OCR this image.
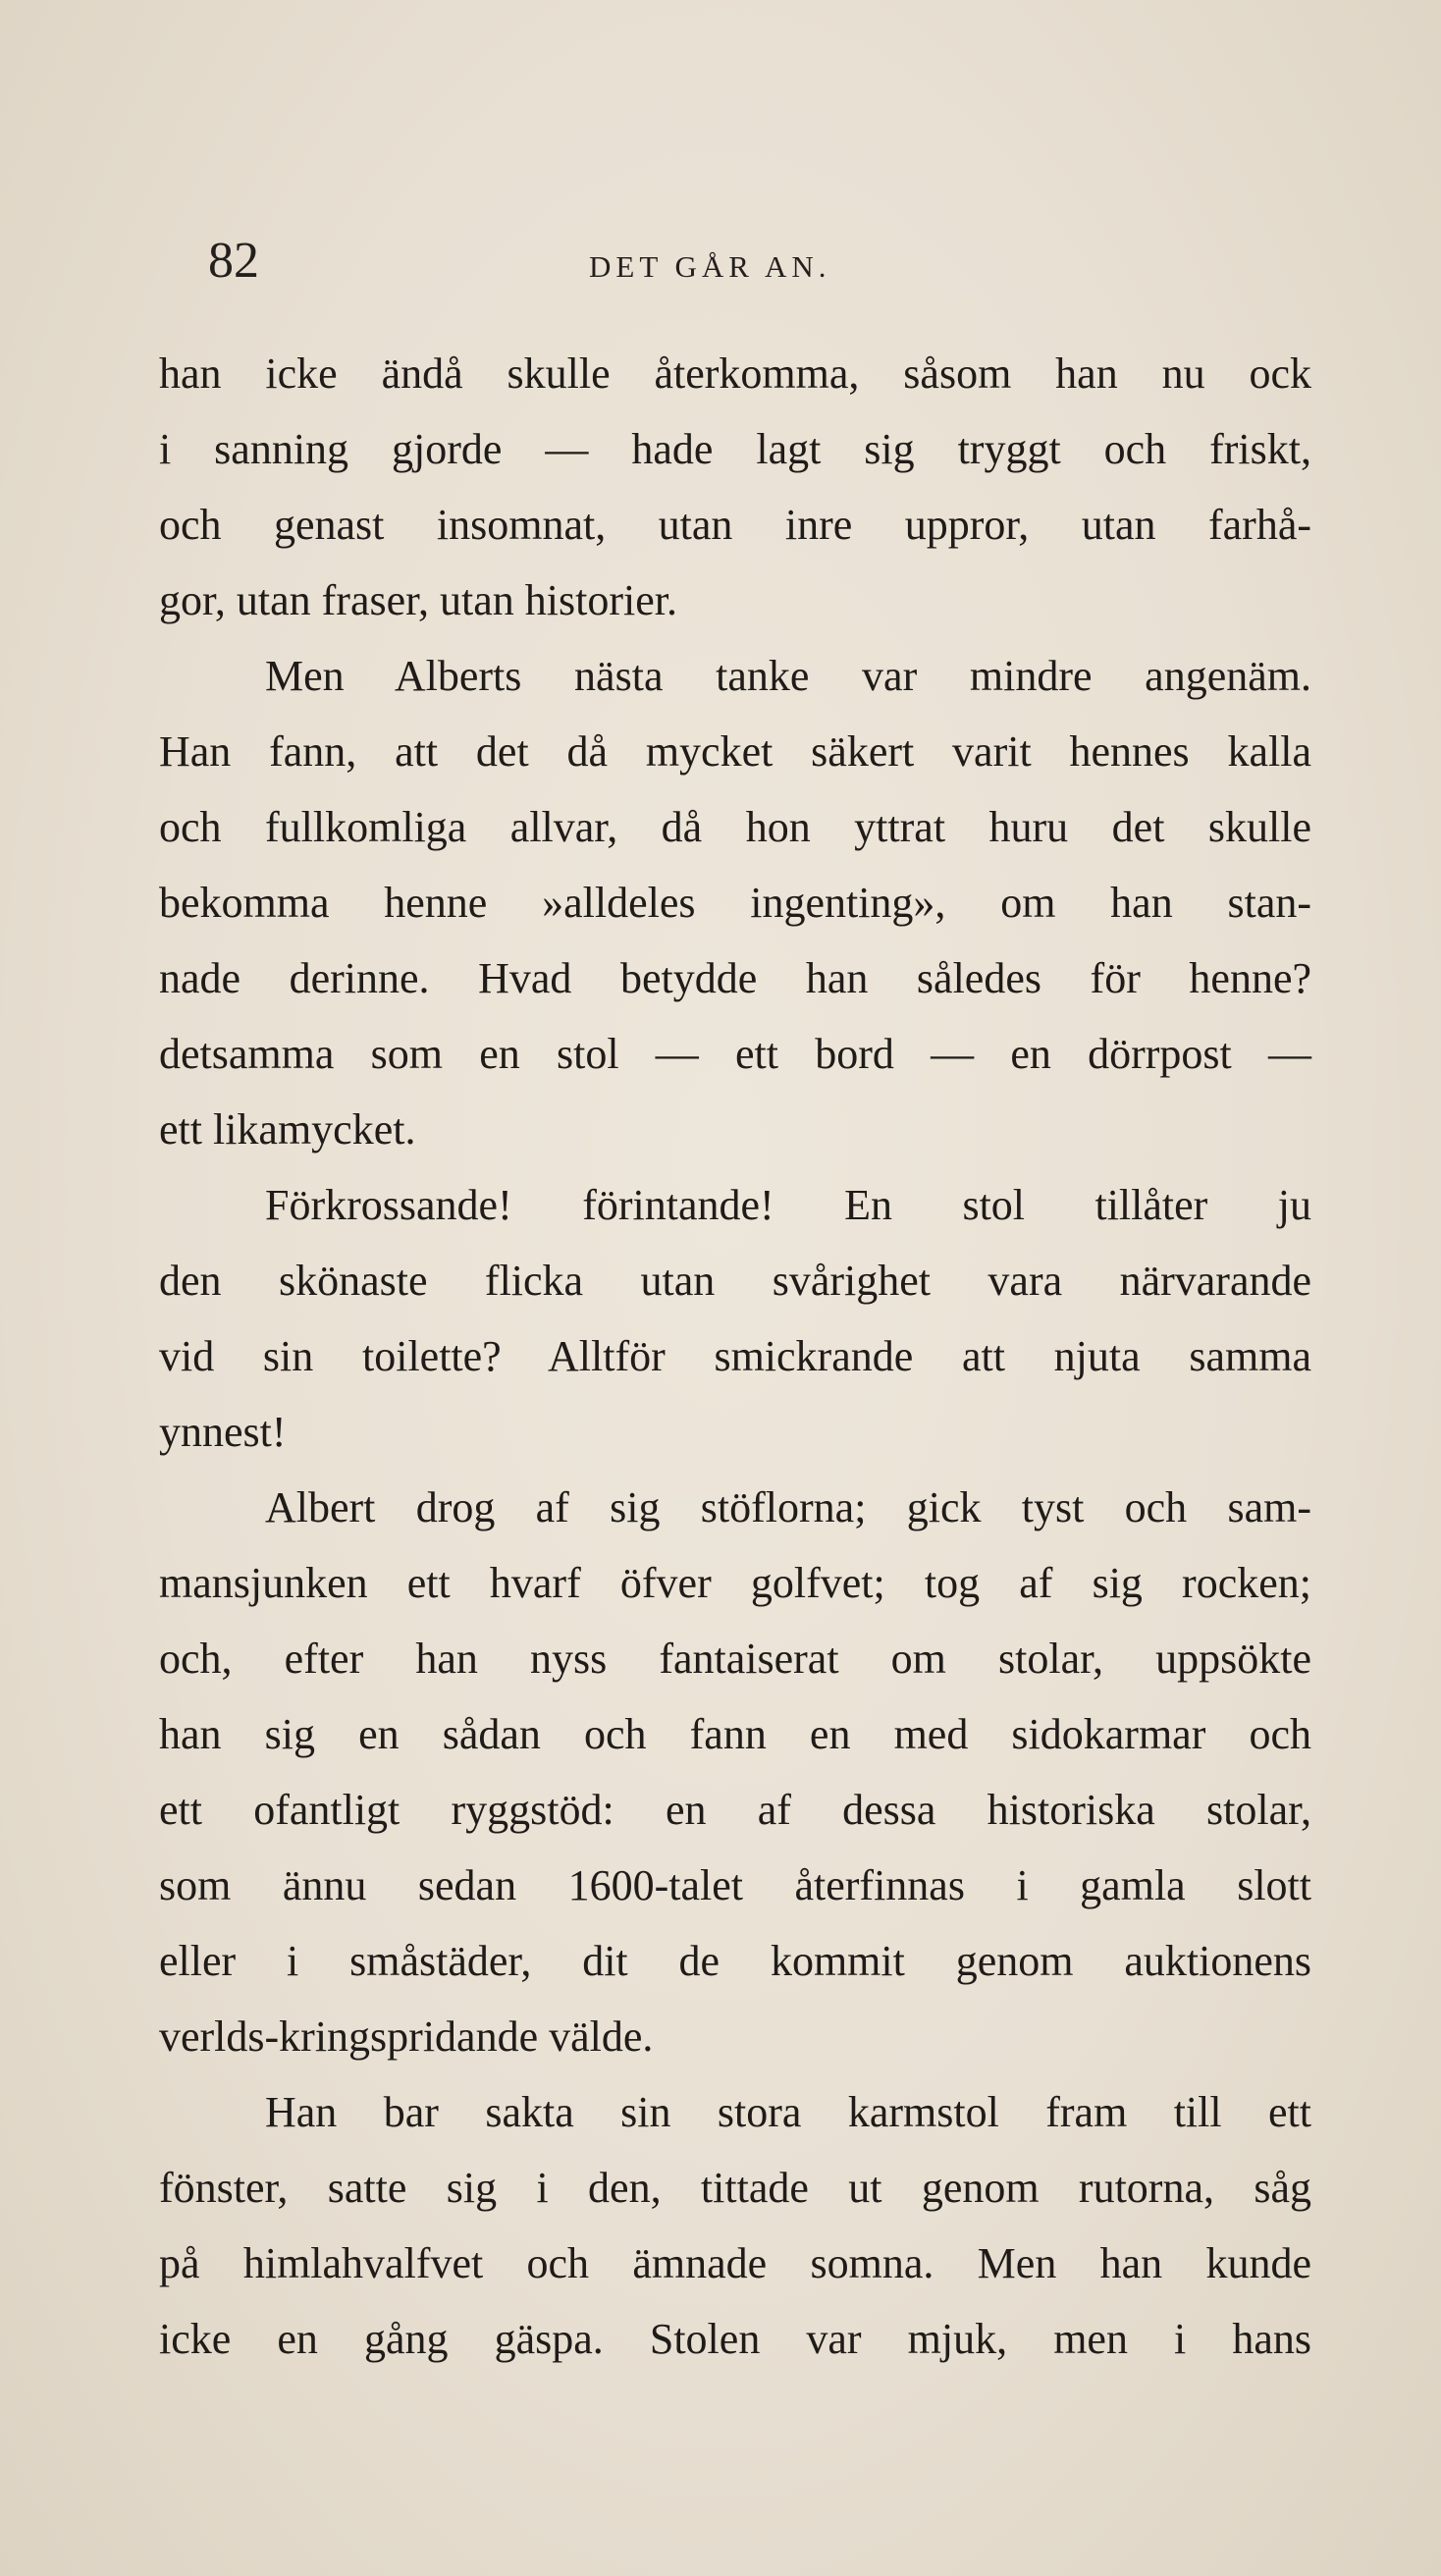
82	DET GÅR AN.
han icke ändå skulle återkomma, såsom han nu ock
i sanning gjorde — hade lagt sig tryggt och friskt,
och genast insomnat, utan inre uppror, utan farhå-
gor, utan fraser, utan historier.
Men Alberts nästa tanke var mindre angenäm.
Han fann, att det då mycket säkert varit hennes kalla
och fullkomliga allvar, då hon yttrat huru det skulle
bekomma henne »alldeles ingenting», om han stan-
nade derinne. Hvad betydde han således för henne?
detsamma som en stol — ett bord — en dörrpost —
ett likamycket.
Förkrossande! förintande! En stol tillåter ju
den skönaste flicka utan svårighet vara närvarande
vid sin toilette? Alltför smickrande att njuta samma
ynnest!
Albert drog af sig stöflorna; gick tyst och sam-
mansjunken ett hvarf öfver golfvet; tog af sig rocken;
och, efter han nyss fantaiserat om stolar, uppsökte
han sig en sådan och fann en med sidokarmar och
ett ofantligt ryggstöd: en af dessa historiska stolar,
som ännu sedan 1600-talet återfinnas i gamla slott
eller i småstäder, dit de kommit genom auktionens
verlds-kringspridande välde.
Han bar sakta sin stora karmstol fram till ett
fönster, satte sig i den, tittade ut genom rutorna, såg
på himlahvalfvet och ämnade somna. Men han kunde
icke en gång gäspa. Stolen var mjuk, men i hans
